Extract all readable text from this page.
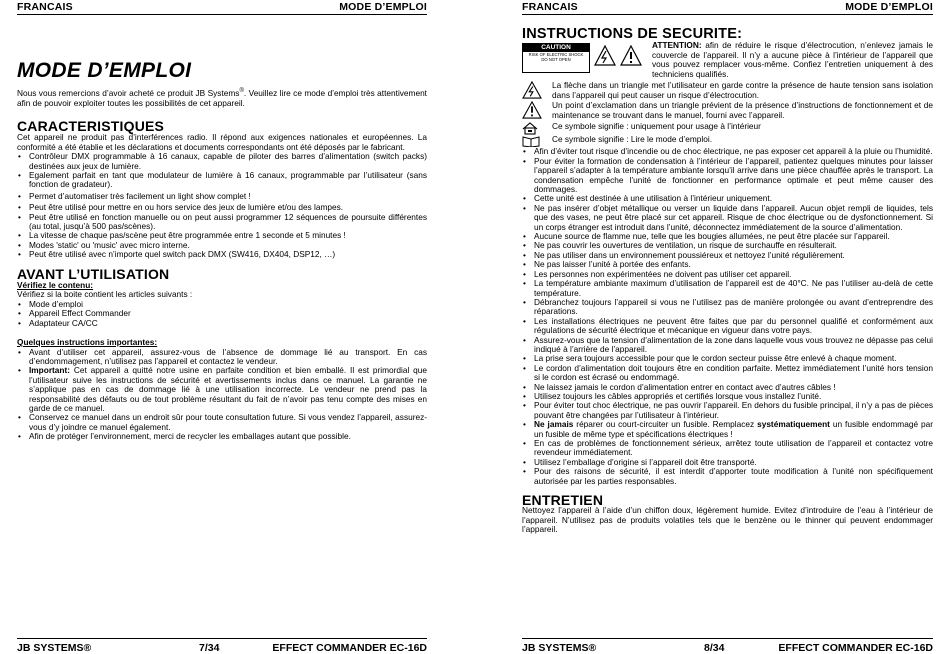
FRANCAIS	MODE D’EMPLOI
MODE D’EMPLOI

Nous vous remercions d’avoir acheté ce produit JB Systems®. Veuillez lire ce mode d’emploi très attentivement afin de pouvoir exploiter toutes les possibilités de cet appareil.

CARACTERISTIQUES

Cet appareil ne produit pas d’interférences radio. Il répond aux exigences nationales et européennes. La conformité a été établie et les déclarations et documents correspondants ont été déposés par le fabricant.

• Contrôleur DMX programmable à 16 canaux, capable de piloter des barres d’alimentation (switch packs) destinées aux jeux de lumière.
• Egalement parfait en tant que modulateur de lumière à 16 canaux, programmable par l’utilisateur (sans fonction de gradateur).
• Permet d’automatiser très facilement un light show complet !
• Peut être utilisé pour mettre en ou hors service des jeux de lumière et/ou des lampes.
• Peut être utilisé en fonction manuelle ou on peut aussi programmer 12 séquences de poursuite différentes (au total, jusqu’à 500 pas/scènes).
• La vitesse de chaque pas/scène peut être programmée entre 1 seconde et 5 minutes !
• Modes 'static' ou 'music' avec micro interne.
• Peut être utilisé avec n’importe quel switch pack DMX (SW416, DX404, DSP12, …)
AVANT L’UTILISATION
Vérifiez le contenu:

Vérifiez si la boite contient les articles suivants :

• Mode d’emploi
• Appareil Effect Commander
• Adaptateur CA/CC
Quelques instructions importantes:
• Avant d’utiliser cet appareil, assurez-vous de l’absence de dommage lié au transport. En cas d’endommagement, n’utilisez pas l’appareil et contactez le vendeur.
• Important: Cet appareil a quitté notre usine en parfaite condition et bien emballé. Il est primordial que l’utilisateur suive les instructions de sécurité et avertissements inclus dans ce manuel. La garantie ne s’applique pas en cas de dommage lié à une utilisation incorrecte. Le vendeur ne prend pas la responsabilité des défauts ou de tout problème résultant du fait de n’avoir pas tenu compte des mises en garde de ce manuel.
• Conservez ce manuel dans un endroit sûr pour toute consultation future. Si vous vendez l’appareil, assurez-vous d’y joindre ce manuel également.
• Afin de protéger l’environnement, merci de recycler les emballages autant que possible.
JB SYSTEMS®	7/34	EFFECT COMMANDER EC-16D
FRANCAIS	MODE D’EMPLOI
INSTRUCTIONS DE SECURITE:
CAUTION
RISK OF ELECTRIC SHOCK
DO NOT OPEN

ATTENTION: afin de réduire le risque d’électrocution, n’enlevez jamais le couvercle de l’appareil. Il n’y a aucune pièce à l’intérieur de l’appareil que vous pouvez remplacer vous-même. Confiez l’entretien uniquement à des techniciens qualifiés.

La flèche dans un triangle met l’utilisateur en garde contre la présence de haute tension sans isolation dans l’appareil qui peut causer un risque d’électrocution.
Un point d’exclamation dans un triangle prévient de la présence d’instructions de fonctionnement et de maintenance se trouvant dans le manuel, fourni avec l’appareil.
Ce symbole signifie : uniquement pour usage à l’intérieur
Ce symbole signifie : Lire le mode d’emploi.
• Afin d’éviter tout risque d’incendie ou de choc électrique, ne pas exposer cet appareil à la pluie ou l’humidité.
• Pour éviter la formation de condensation à l’intérieur de l’appareil, patientez quelques minutes pour laisser l’appareil s’adapter à la température ambiante lorsqu’il arrive dans une pièce chauffée après le transport. La condensation empêche l’unité de fonctionner en performance optimale et peut même causer des dommages.
• Cette unité est destinée à une utilisation à l’intérieur uniquement.
• Ne pas insérer d’objet métallique ou verser un liquide dans l’appareil. Aucun objet rempli de liquides, tels que des vases, ne peut être placé sur cet appareil. Risque de choc électrique ou de dysfonctionnement. Si un corps étranger est introduit dans l’unité, déconnectez immédiatement de la source d’alimentation.
• Aucune source de flamme nue, telle que les bougies allumées, ne peut être placée sur l’appareil.
• Ne pas couvrir les ouvertures de ventilation, un risque de surchauffe en résulterait.
• Ne pas utiliser dans un environnement poussiéreux et nettoyez l’unité régulièrement.
• Ne pas laisser l’unité à portée des enfants.
• Les personnes non expérimentées ne doivent pas utiliser cet appareil.
• La température ambiante maximum d’utilisation de l’appareil est de 40°C. Ne pas l’utiliser au-delà de cette température.
• Débranchez toujours l’appareil si vous ne l’utilisez pas de manière prolongée ou avant d’entreprendre des réparations.
• Les installations électriques ne peuvent être faites que par du personnel qualifié et conformément aux régulations de sécurité électrique et mécanique en vigueur dans votre pays.
• Assurez-vous que la tension d’alimentation de la zone dans laquelle vous vous trouvez ne dépasse pas celui indiqué à l’arrière de l’appareil.
• La prise sera toujours accessible pour que le cordon secteur puisse être enlevé à chaque moment.
• Le cordon d’alimentation doit toujours être en condition parfaite. Mettez immédiatement l’unité hors tension si le cordon est écrasé ou endommagé.
• Ne laissez jamais le cordon d’alimentation entrer en contact avec d’autres câbles !
• Utilisez toujours les câbles appropriés et certifiés lorsque vous installez l’unité.
• Pour éviter tout choc électrique, ne pas ouvrir l’appareil. En dehors du fusible principal, il n’y a pas de pièces pouvant être changées par l’utilisateur à l’intérieur.
• Ne jamais réparer ou court-circuiter un fusible. Remplacez systématiquement un fusible endommagé par un fusible de même type et spécifications électriques !
• En cas de problèmes de fonctionnement sérieux, arrêtez toute utilisation de l’appareil et contactez votre revendeur immédiatement.
• Utilisez l’emballage d’origine si l’appareil doit être transporté.
• Pour des raisons de sécurité, il est interdit d’apporter toute modification à l’unité non spécifiquement autorisée par les parties responsables.
ENTRETIEN

Nettoyez l’appareil à l’aide d’un chiffon doux, légèrement humide. Evitez d’introduire de l’eau à l’intérieur de l’appareil. N’utilisez pas de produits volatiles tels que le benzène ou le thinner qui peuvent endommager l’appareil.

JB SYSTEMS®	8/34	EFFECT COMMANDER EC-16D
